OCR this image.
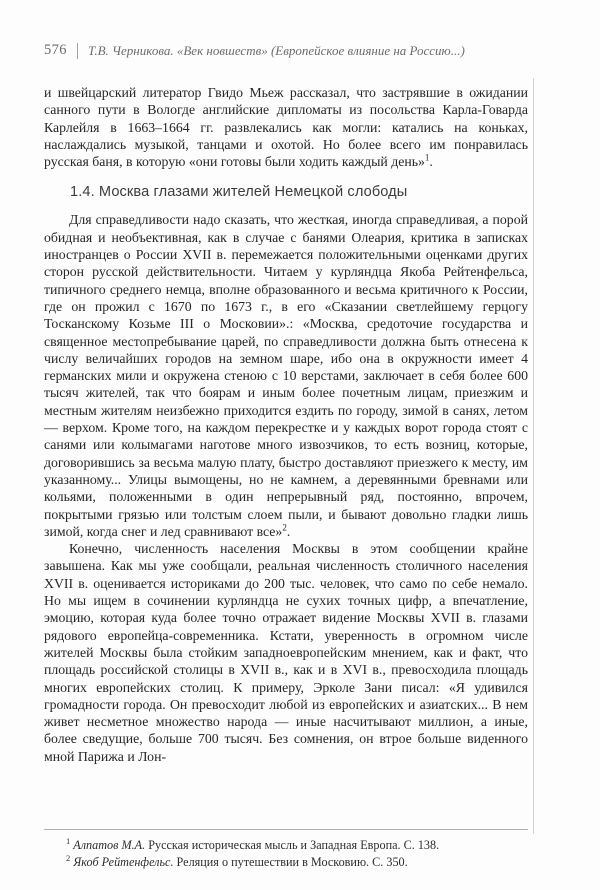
576 Т.В. Черникова. «Век новшеств» (Европейское влияние на Россию...)

и швейцарский литератор Гвидо Мьеж рассказал, что застрявшие в ожидании санного пути в Вологде английские дипломаты из посольства Карла-Говарда Карлейля в 1663–1664 гг. развлекались как могли: катались на коньках, наслаждались музыкой, танцами и охотой. Но более всего им понравилась русская баня, в которую «они готовы были ходить каждый день»$^1$.

1.4. Москва глазами жителей Немецкой слободы

Для справедливости надо сказать, что жесткая, иногда справедливая, а порой обидная и необъективная, как в случае с банями Олеария, критика в записках иностранцев о России XVII в. перемежается положительными оценками других сторон русской действительности. Читаем у курляндца Якоба Рейтенфельса, типичного среднего немца, вполне образованного и весьма критичного к России, где он прожил с 1670 по 1673 г., в его «Сказании светлейшему герцогу Тосканскому Козьме III о Московии».: «Москва, средоточие государства и священное местопребывание царей, по справедливости должна быть отнесена к числу величайших городов на земном шаре, ибо она в окружности имеет 4 германских мили и окружена стеною с 10 верстами, заключает в себя более 600 тысяч жителей, так что боярам и иным более почетным лицам, приезжим и местным жителям неизбежно приходится ездить по городу, зимой в санях, летом — верхом. Кроме того, на каждом перекрестке и у каждых ворот города стоят с санями или колымагами наготове много извозчиков, то есть возниц, которые, договорившись за весьма малую плату, быстро доставляют приезжего к месту, им указанному... Улицы вымощены, но не камнем, а деревянными бревнами или кольями, положенными в один непрерывный ряд, постоянно, впрочем, покрытыми грязью или толстым слоем пыли, и бывают довольно гладки лишь зимой, когда снег и лед сравнивают все»$^2$.

Конечно, численность населения Москвы в этом сообщении крайне завышена. Как мы уже сообщали, реальная численность столичного населения XVII в. оценивается историками до 200 тыс. человек, что само по себе немало. Но мы ищем в сочинении курляндца не сухих точных цифр, а впечатление, эмоцию, которая куда более точно отражает видение Москвы XVII в. глазами рядового европейца-современника. Кстати, уверенность в огромном числе жителей Москвы была стойким западноевропейским мнением, как и факт, что площадь российской столицы в XVII в., как и в XVI в., превосходила площадь многих европейских столиц. К примеру, Эрколе Зани писал: «Я удивился громадности города. Он превосходит любой из европейских и азиатских... В нем живет несметное множество народа — иные насчитывают миллион, а иные, более сведущие, больше 700 тысяч. Без сомнения, он втрое больше виденного мной Парижа и Лон-

$^1$ Алпатов М.А. Русская историческая мысль и Западная Европа. С. 138.

$^2$ Якоб Рейтенфельс. Реляция о путешествии в Московию. С. 350.
